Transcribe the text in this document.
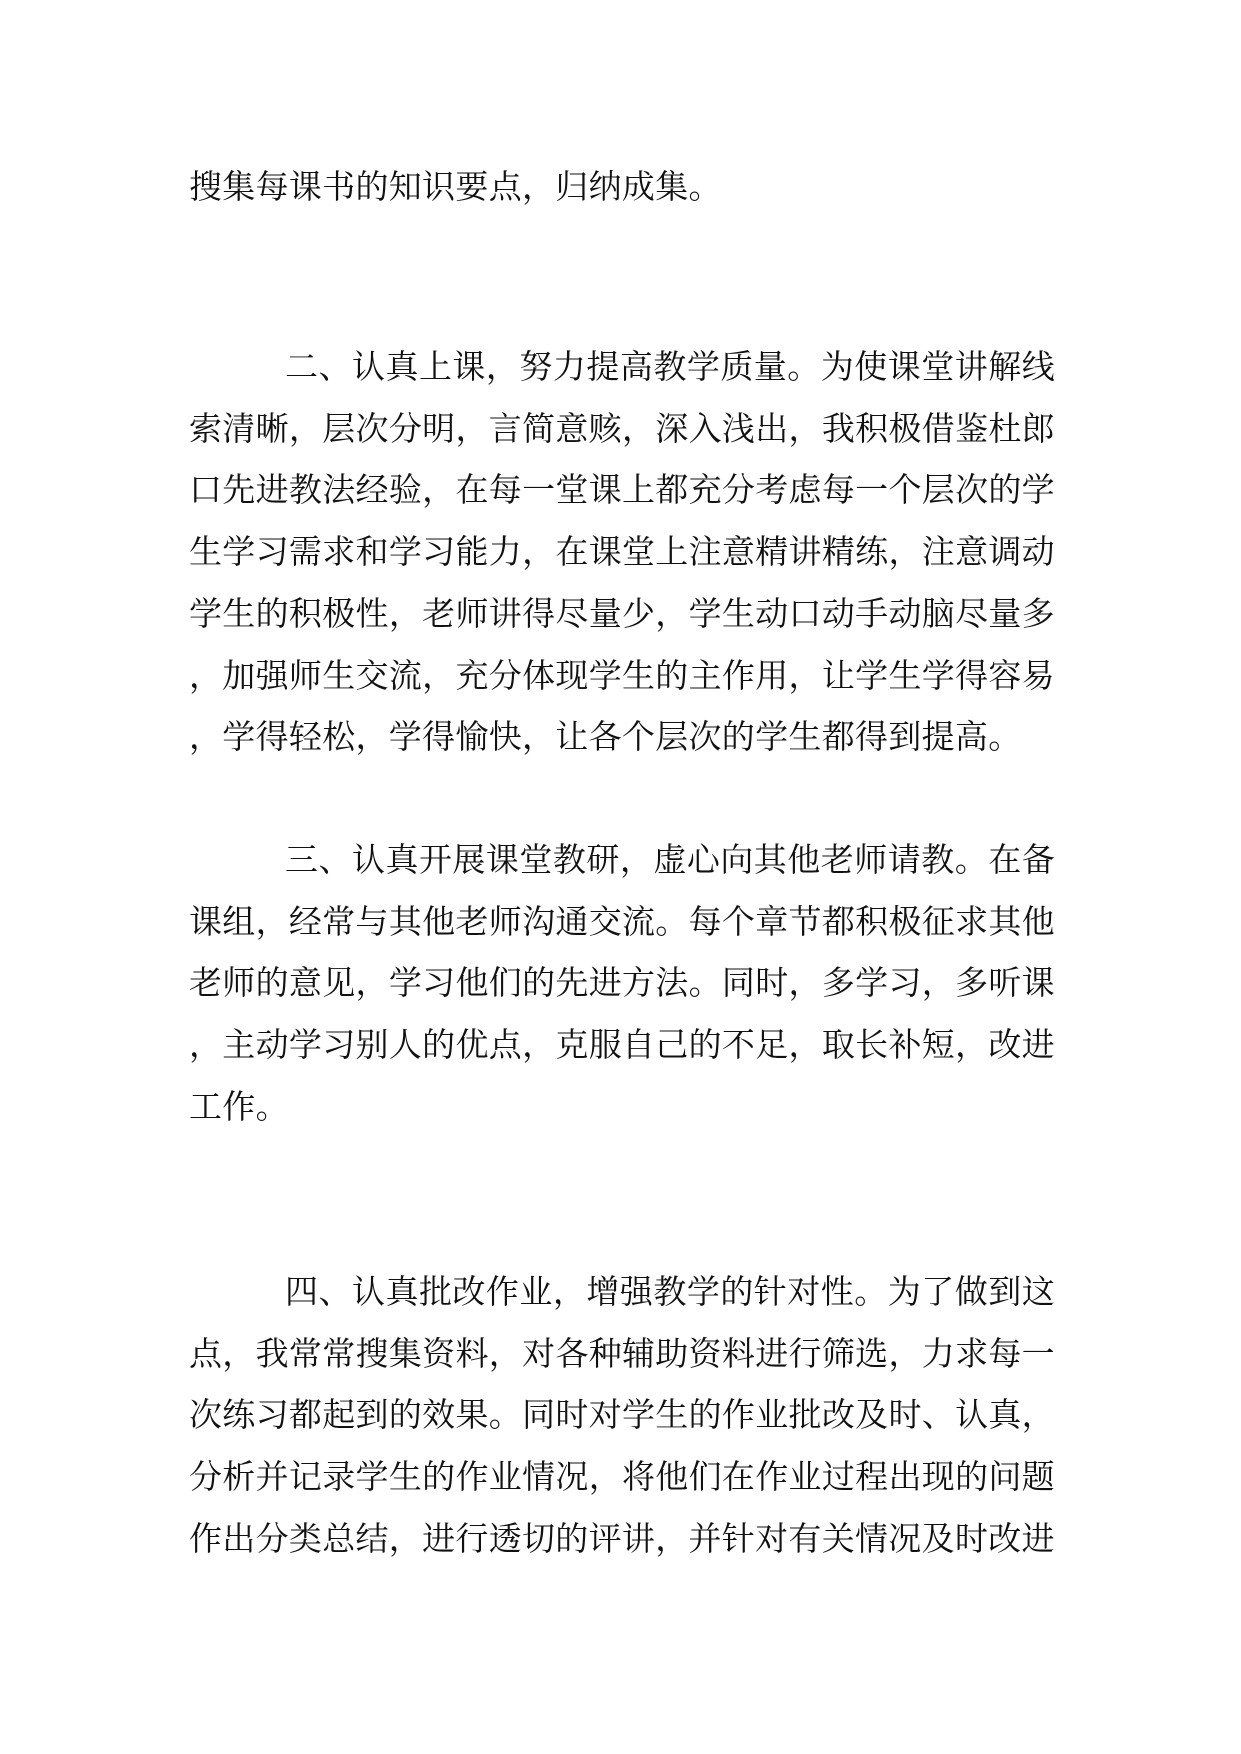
搜集每课书的知识要点，归纳成集。

二、认真上课，努力提高教学质量。为使课堂讲解线索清晰，层次分明，言简意赅，深入浅出，我积极借鉴杜郎口先进教法经验，在每一堂课上都充分考虑每一个层次的学生学习需求和学习能力，在课堂上注意精讲精练，注意调动学生的积极性，老师讲得尽量少，学生动口动手动脑尽量多，加强师生交流，充分体现学生的主作用，让学生学得容易，学得轻松，学得愉快，让各个层次的学生都得到提高。

三、认真开展课堂教研，虚心向其他老师请教。在备课组，经常与其他老师沟通交流。每个章节都积极征求其他老师的意见，学习他们的先进方法。同时，多学习，多听课，主动学习别人的优点，克服自己的不足，取长补短，改进工作。

四、认真批改作业，增强教学的针对性。为了做到这点，我常常搜集资料，对各种辅助资料进行筛选，力求每一次练习都起到的效果。同时对学生的作业批改及时、认真，分析并记录学生的作业情况，将他们在作业过程出现的问题作出分类总结，进行透切的评讲，并针对有关情况及时改进
